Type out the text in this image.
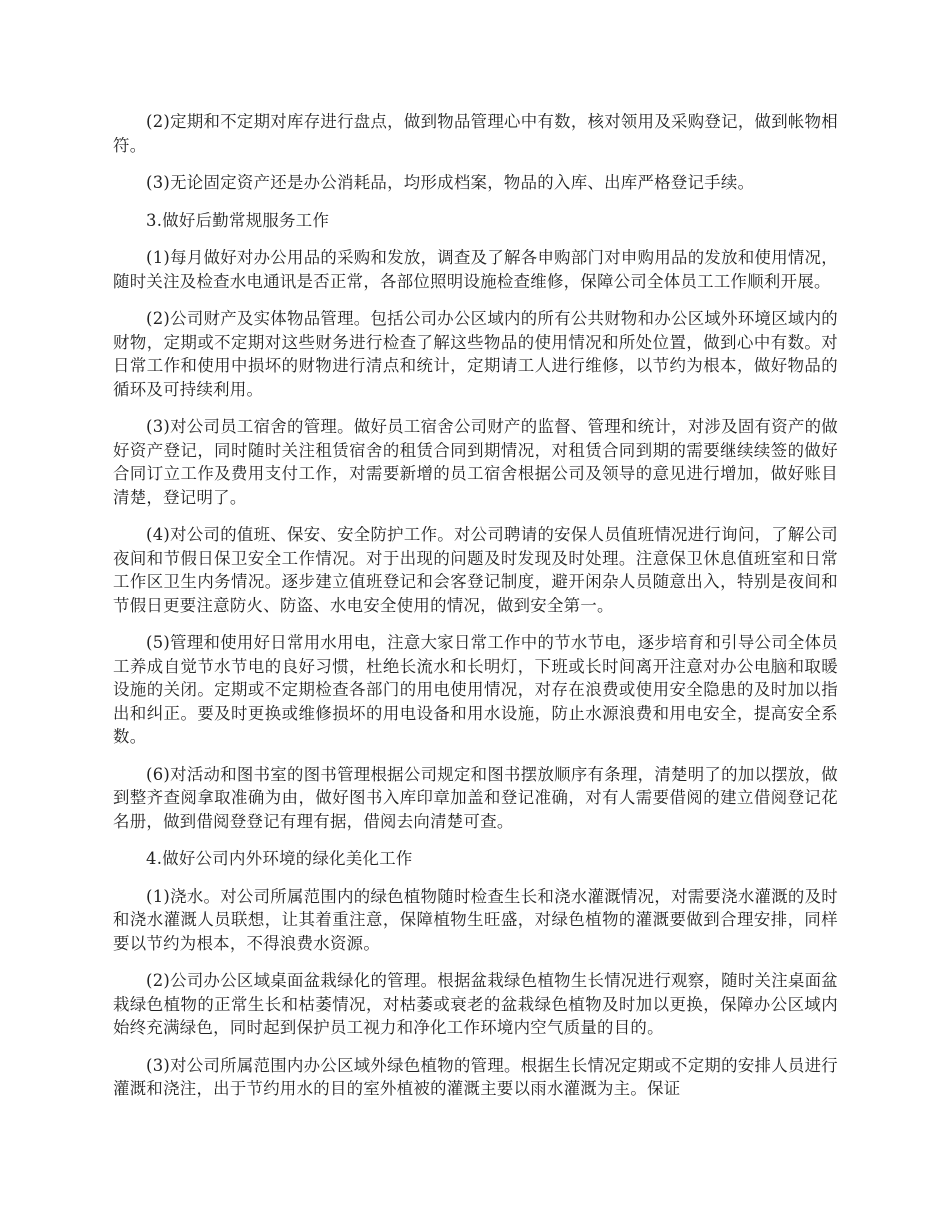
(2)定期和不定期对库存进行盘点，做到物品管理心中有数，核对领用及采购登记，做到帐物相符。

(3)无论固定资产还是办公消耗品，均形成档案，物品的入库、出库严格登记手续。

3.做好后勤常规服务工作

(1)每月做好对办公用品的采购和发放，调查及了解各申购部门对申购用品的发放和使用情况，随时关注及检查水电通讯是否正常，各部位照明设施检查维修，保障公司全体员工工作顺利开展。

(2)公司财产及实体物品管理。包括公司办公区域内的所有公共财物和办公区域外环境区域内的财物，定期或不定期对这些财务进行检查了解这些物品的使用情况和所处位置，做到心中有数。对日常工作和使用中损坏的财物进行清点和统计，定期请工人进行维修，以节约为根本，做好物品的循环及可持续利用。

(3)对公司员工宿舍的管理。做好员工宿舍公司财产的监督、管理和统计，对涉及固有资产的做好资产登记，同时随时关注租赁宿舍的租赁合同到期情况，对租赁合同到期的需要继续续签的做好合同订立工作及费用支付工作，对需要新增的员工宿舍根据公司及领导的意见进行增加，做好账目清楚，登记明了。

(4)对公司的值班、保安、安全防护工作。对公司聘请的安保人员值班情况进行询问，了解公司夜间和节假日保卫安全工作情况。对于出现的问题及时发现及时处理。注意保卫休息值班室和日常工作区卫生内务情况。逐步建立值班登记和会客登记制度，避开闲杂人员随意出入，特别是夜间和节假日更要注意防火、防盗、水电安全使用的情况，做到安全第一。

(5)管理和使用好日常用水用电，注意大家日常工作中的节水节电，逐步培育和引导公司全体员工养成自觉节水节电的良好习惯，杜绝长流水和长明灯，下班或长时间离开注意对办公电脑和取暖设施的关闭。定期或不定期检查各部门的用电使用情况，对存在浪费或使用安全隐患的及时加以指出和纠正。要及时更换或维修损坏的用电设备和用水设施，防止水源浪费和用电安全，提高安全系数。

(6)对活动和图书室的图书管理根据公司规定和图书摆放顺序有条理，清楚明了的加以摆放，做到整齐查阅拿取准确为由，做好图书入库印章加盖和登记准确，对有人需要借阅的建立借阅登记花名册，做到借阅登登记有理有据，借阅去向清楚可查。

4.做好公司内外环境的绿化美化工作

(1)浇水。对公司所属范围内的绿色植物随时检查生长和浇水灌溉情况，对需要浇水灌溉的及时和浇水灌溉人员联想，让其着重注意，保障植物生旺盛，对绿色植物的灌溉要做到合理安排，同样要以节约为根本，不得浪费水资源。

(2)公司办公区域桌面盆栽绿化的管理。根据盆栽绿色植物生长情况进行观察，随时关注桌面盆栽绿色植物的正常生长和枯萎情况，对枯萎或衰老的盆栽绿色植物及时加以更换，保障办公区域内始终充满绿色，同时起到保护员工视力和净化工作环境内空气质量的目的。

(3)对公司所属范围内办公区域外绿色植物的管理。根据生长情况定期或不定期的安排人员进行灌溉和浇注，出于节约用水的目的室外植被的灌溉主要以雨水灌溉为主。保证
